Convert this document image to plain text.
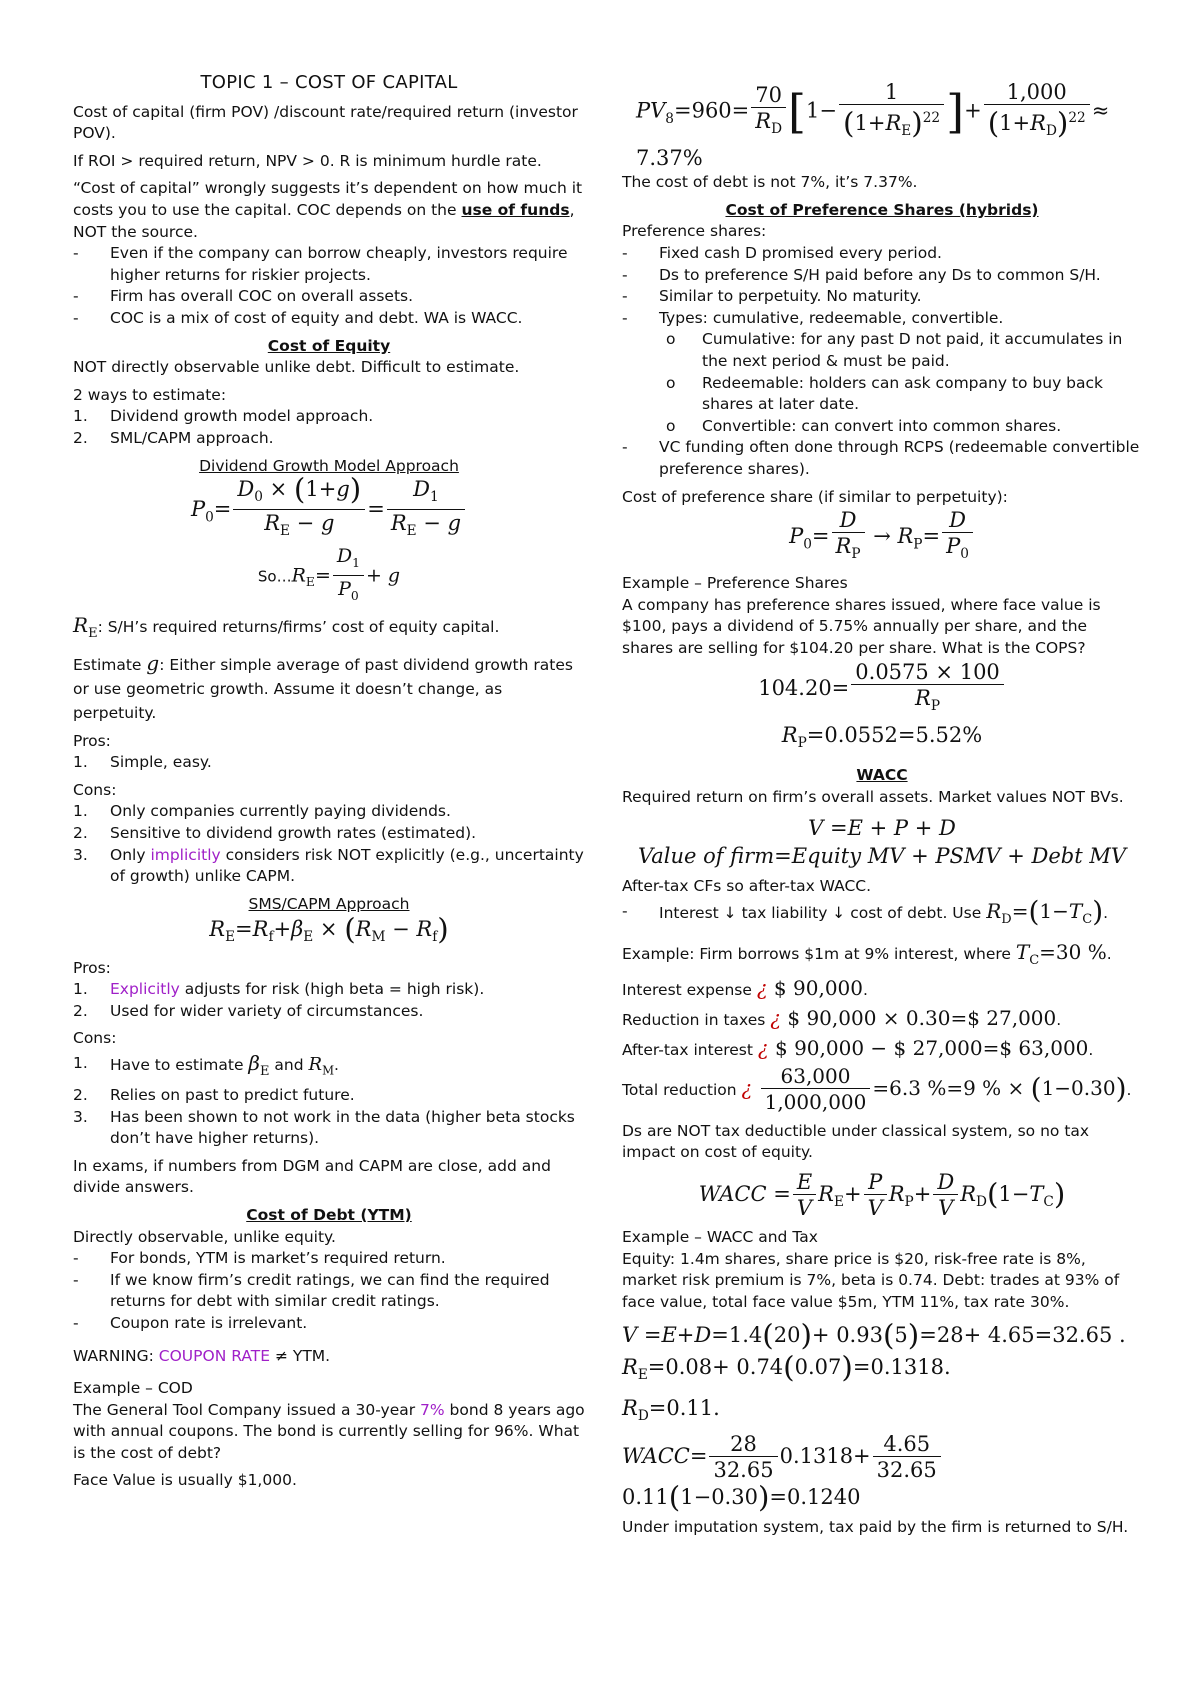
TOPIC 1 – COST OF CAPITAL

Cost of capital (firm POV) /discount rate/required return (investor POV).

If ROI > required return, NPV > 0. R is minimum hurdle rate.

“Cost of capital” wrongly suggests it’s dependent on how much it costs you to use the capital. COC depends on the use of funds, NOT the source.

- Even if the company can borrow cheaply, investors require higher returns for riskier projects.
- Firm has overall COC on overall assets.
- COC is a mix of cost of equity and debt. WA is WACC.

Cost of Equity

NOT directly observable unlike debt. Difficult to estimate.

2 ways to estimate:

1. Dividend growth model approach.
2. SML/CAPM approach.

Dividend Growth Model Approach

$P_0= \frac{D_0 \times (1+g)}{R_E - g} = \frac{D_1}{R_E - g}$
$So\dots R_E= \frac{D_1}{P_0} + g$

$R_E$: S/H’s required returns/firms’ cost of equity capital.

Estimate g: Either simple average of past dividend growth rates or use geometric growth. Assume it doesn’t change, as perpetuity.

Pros:

1. Simple, easy.

Cons:

1. Only companies currently paying dividends.
2. Sensitive to dividend growth rates (estimated).
3. Only implicitly considers risk NOT explicitly (e.g., uncertainty of growth) unlike CAPM.

SMS/CAPM Approach

$R_E=R_f+\beta_E \times (R_M - R_f)$

Pros:

1. Explicitly adjusts for risk (high beta = high risk).
2. Used for wider variety of circumstances.

Cons:

1. Have to estimate $\beta_E$ and $R_M$.
2. Relies on past to predict future.
3. Has been shown to not work in the data (higher beta stocks don’t have higher returns).

In exams, if numbers from DGM and CAPM are close, add and divide answers.

Cost of Debt (YTM)

Directly observable, unlike equity.

- For bonds, YTM is market’s required return.
- If we know firm’s credit ratings, we can find the required returns for debt with similar credit ratings.
- Coupon rate is irrelevant.

WARNING: COUPON RATE ≠ YTM.

Example – COD

The General Tool Company issued a 30-year 7% bond 8 years ago with annual coupons. The bond is currently selling for 96%. What is the cost of debt?

Face Value is usually $1,000.

$PV_8=960= \frac{70}{R_D} [1- \frac{1}{(1+R_E)^{22}}$ ]+ $\frac{1,000}{(1+R_D)^{22}} \approx 7.37\%$

The cost of debt is not 7%, it’s 7.37%.

Cost of Preference Shares (hybrids)

Preference shares:

- Fixed cash D promised every period.
- Ds to preference S/H paid before any Ds to common S/H.
- Similar to perpetuity. No maturity.
- Types: cumulative, redeemable, convertible.
o Cumulative: for any past D not paid, it accumulates in the next period & must be paid.
o Redeemable: holders can ask company to buy back shares at later date.
o Convertible: can convert into common shares.
- VC funding often done through RCPS (redeemable convertible preference shares).

Cost of preference share (if similar to perpetuity):

$P_0= \frac{D}{R_P} \to R_P= \frac{D}{P_0}$

Example – Preference Shares

A company has preference shares issued, where face value is $100, pays a dividend of 5.75% annually per share, and the shares are selling for $104.20 per share. What is the COPS?

$104.20= \frac{0.0575 \times 100}{R_P}$
$R_P=0.0552=5.52\%$

WACC

Required return on firm’s overall assets. Market values NOT BVs.

V =E + P + D
Value of firm=Equity MV + PSMV + Debt MV

After-tax CFs so after-tax WACC.

- Interest ↓ tax liability ↓ cost of debt. Use $R_D=(1-T_C)$.

Example: Firm borrows $1m at 9% interest, where $T_C=30$ %.

Interest expense ¿ $ 90,000.

Reduction in taxes ¿ $ 90,000 × 0.30=$ 27,000.

After-tax interest ¿ $ 90,000 − $ 27,000=$ 63,000.

Total reduction ¿ $\frac{63,000}{1,000,000} =6.3$ %=9 % × (1−0.30).

Ds are NOT tax deductible under classical system, so no tax impact on cost of equity.

WACC = $\frac{E}{V} R_E+ \frac{P}{V} R_P+ \frac{D}{V} R_D(1-T_C)$

Example – WACC and Tax

Equity: 1.4m shares, share price is $20, risk-free rate is 8%, market risk premium is 7%, beta is 0.74. Debt: trades at 93% of face value, total face value $5m, YTM 11%, tax rate 30%.

V =E+D=1.4(20)+ 0.93(5)=28+ 4.65=32.65 .
$R_E=0.08+ 0.74(0.07)=0.1318$.
$R_D=0.11$.
WACC= $\frac{28}{32.65} 0.1318+ \frac{4.65}{32.65}$
0.11(1−0.30)=0.1240

Under imputation system, tax paid by the firm is returned to S/H.
